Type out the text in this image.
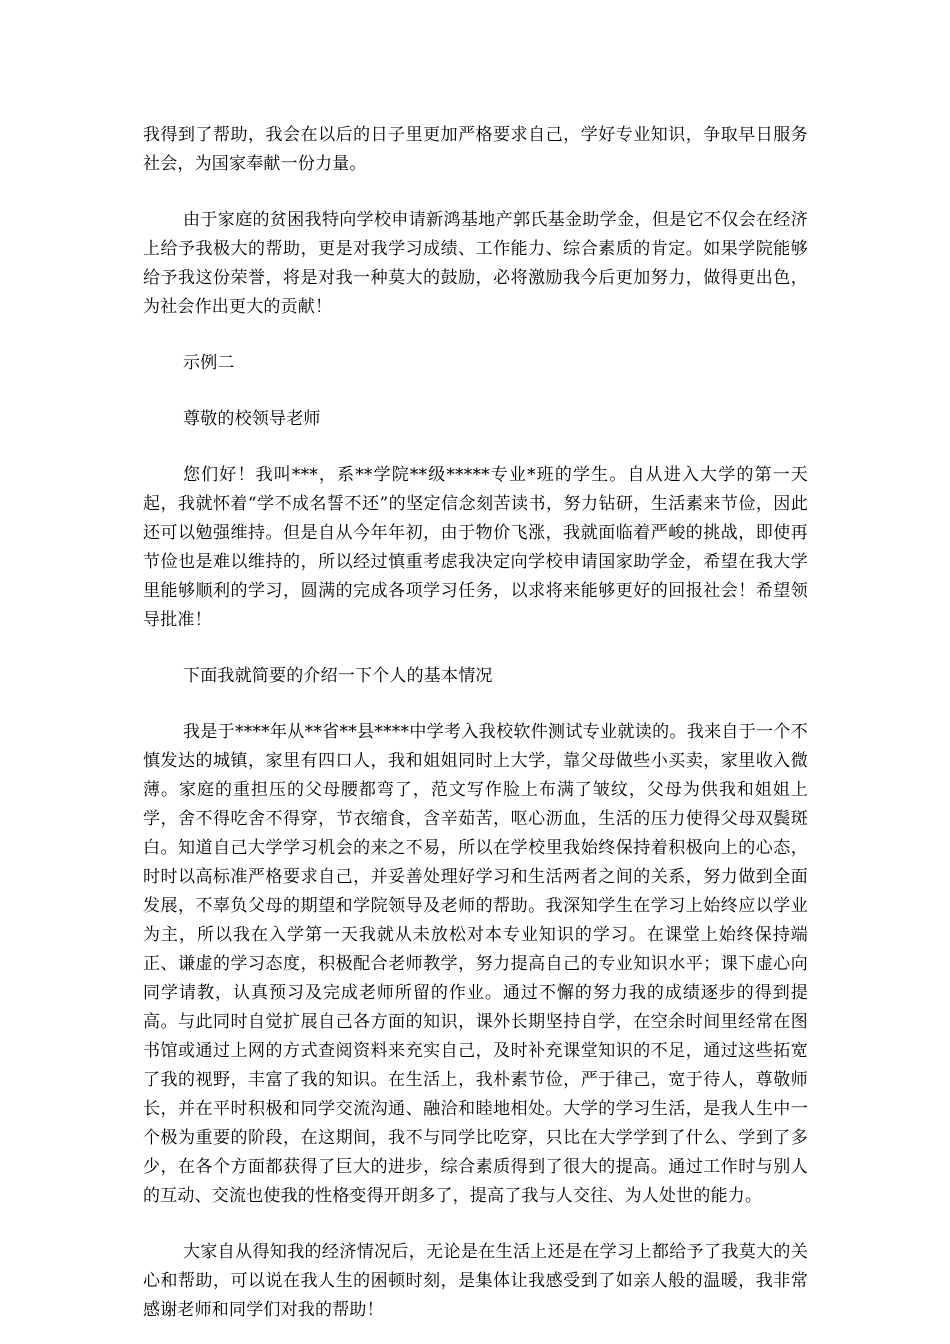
我得到了帮助，我会在以后的日子里更加严格要求自己，学好专业知识，争取早日服务社会，为国家奉献一份力量。

由于家庭的贫困我特向学校申请新鸿基地产郭氏基金助学金，但是它不仅会在经济上给予我极大的帮助，更是对我学习成绩、工作能力、综合素质的肯定。如果学院能够给予我这份荣誉，将是对我一种莫大的鼓励，必将激励我今后更加努力，做得更出色，为社会作出更大的贡献！

示例二

尊敬的校领导老师

您们好！我叫***，系**学院**级*****专业*班的学生。自从进入大学的第一天起，我就怀着“学不成名誓不还”的坚定信念刻苦读书，努力钻研，生活素来节俭，因此还可以勉强维持。但是自从今年年初，由于物价飞涨，我就面临着严峻的挑战，即使再节俭也是难以维持的，所以经过慎重考虑我决定向学校申请国家助学金，希望在我大学里能够顺利的学习，圆满的完成各项学习任务，以求将来能够更好的回报社会！希望领导批准！

下面我就简要的介绍一下个人的基本情况

我是于****年从**省**县****中学考入我校软件测试专业就读的。我来自于一个不慎发达的城镇，家里有四口人，我和姐姐同时上大学，靠父母做些小买卖，家里收入微薄。家庭的重担压的父母腰都弯了，范文写作脸上布满了皱纹，父母为供我和姐姐上学，舍不得吃舍不得穿，节衣缩食，含辛茹苦，呕心沥血，生活的压力使得父母双鬓斑白。知道自己大学学习机会的来之不易，所以在学校里我始终保持着积极向上的心态，时时以高标准严格要求自己，并妥善处理好学习和生活两者之间的关系，努力做到全面发展，不辜负父母的期望和学院领导及老师的帮助。我深知学生在学习上始终应以学业为主，所以我在入学第一天我就从未放松对本专业知识的学习。在课堂上始终保持端正、谦虚的学习态度，积极配合老师教学，努力提高自己的专业知识水平；课下虚心向同学请教，认真预习及完成老师所留的作业。通过不懈的努力我的成绩逐步的得到提高。与此同时自觉扩展自己各方面的知识，课外长期坚持自学，在空余时间里经常在图书馆或通过上网的方式查阅资料来充实自己，及时补充课堂知识的不足，通过这些拓宽了我的视野，丰富了我的知识。在生活上，我朴素节俭，严于律己，宽于待人，尊敬师长，并在平时积极和同学交流沟通、融洽和睦地相处。大学的学习生活，是我人生中一个极为重要的阶段，在这期间，我不与同学比吃穿，只比在大学学到了什么、学到了多少，在各个方面都获得了巨大的进步，综合素质得到了很大的提高。通过工作时与别人的互动、交流也使我的性格变得开朗多了，提高了我与人交往、为人处世的能力。

大家自从得知我的经济情况后，无论是在生活上还是在学习上都给予了我莫大的关心和帮助，可以说在我人生的困顿时刻，是集体让我感受到了如亲人般的温暖，我非常感谢老师和同学们对我的帮助！
